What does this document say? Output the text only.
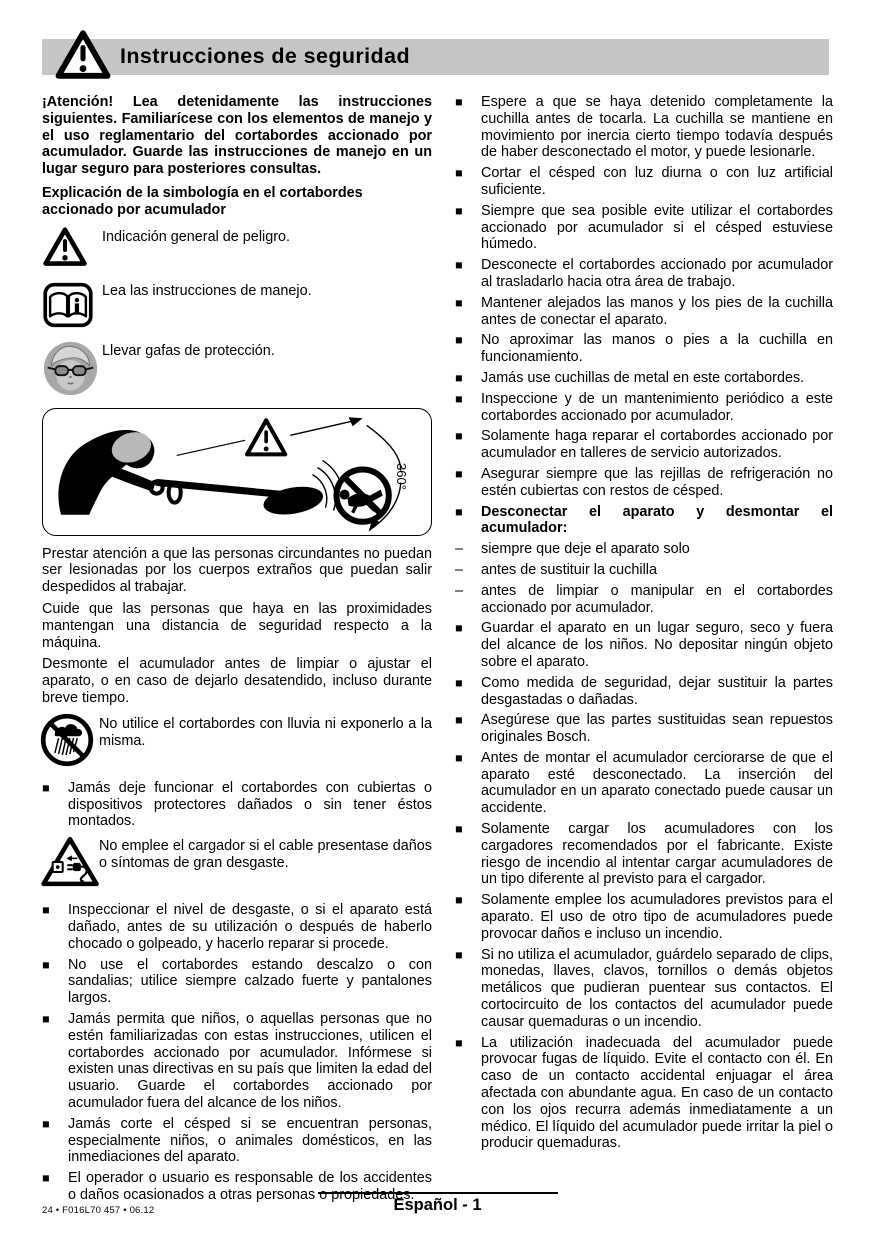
Instrucciones de seguridad

¡Atención! Lea detenidamente las instrucciones siguientes. Familiarícese con los elementos de manejo y el uso reglamentario del cortabordes accionado por acumulador. Guarde las instrucciones de manejo en un lugar seguro para posteriores consultas.

Explicación de la simbología en el cortabordes accionado por acumulador

Indicación general de peligro.
Lea las instrucciones de manejo.
Llevar gafas de protección.
360°

Prestar atención a que las personas circundantes no puedan ser lesionadas por los cuerpos extraños que puedan salir despedidos al trabajar.

Cuide que las personas que haya en las proximidades mantengan una distancia de seguridad respecto a la máquina.

Desmonte el acumulador antes de limpiar o ajustar el aparato, o en caso de dejarlo desatendido, incluso durante breve tiempo.

No utilice el cortabordes con lluvia ni exponerlo a la misma.

■	Jamás deje funcionar el cortabordes con cubiertas o dispositivos protectores dañados o sin tener éstos montados.

No emplee el cargador si el cable presentase daños o síntomas de gran desgaste.

■	Inspeccionar el nivel de desgaste, o si el aparato está dañado, antes de su utilización o después de haberlo chocado o golpeado, y hacerlo reparar si procede.
■	No use el cortabordes estando descalzo o con sandalias; utilice siempre calzado fuerte y pantalones largos.
■	Jamás permita que niños, o aquellas personas que no estén familiarizadas con estas instrucciones, utilicen el cortabordes accionado por acumulador. Infórmese si existen unas directivas en su país que limiten la edad del usuario. Guarde el cortabordes accionado por acumulador fuera del alcance de los niños.
■	Jamás corte el césped si se encuentran personas, especialmente niños, o animales domésticos, en las inmediaciones del aparato.
■	El operador o usuario es responsable de los accidentes o daños ocasionados a otras personas o propiedades.
■	Espere a que se haya detenido completamente la cuchilla antes de tocarla. La cuchilla se mantiene en movimiento por inercia cierto tiempo todavía después de haber desconectado el motor, y puede lesionarle.
■	Cortar el césped con luz diurna o con luz artificial suficiente.
■	Siempre que sea posible evite utilizar el cortabordes accionado por acumulador si el césped estuviese húmedo.
■	Desconecte el cortabordes accionado por acumulador al trasladarlo hacia otra área de trabajo.
■	Mantener alejados las manos y los pies de la cuchilla antes de conectar el aparato.
■	No aproximar las manos o pies a la cuchilla en funcionamiento.
■	Jamás use cuchillas de metal en este cortabordes.
■	Inspeccione y de un mantenimiento periódico a este cortabordes accionado por acumulador.
■	Solamente haga reparar el cortabordes accionado por acumulador en talleres de servicio autorizados.
■	Asegurar siempre que las rejillas de refrigeración no estén cubiertas con restos de césped.
■	Desconectar el aparato y desmontar el acumulador:
–	siempre que deje el aparato solo
–	antes de sustituir la cuchilla
–	antes de limpiar o manipular en el cortabordes accionado por acumulador.
■	Guardar el aparato en un lugar seguro, seco y fuera del alcance de los niños. No depositar ningún objeto sobre el aparato.
■	Como medida de seguridad, dejar sustituir la partes desgastadas o dañadas.
■	Asegúrese que las partes sustituidas sean repuestos originales Bosch.
■	Antes de montar el acumulador cerciorarse de que el aparato esté desconectado. La inserción del acumulador en un aparato conectado puede causar un accidente.
■	Solamente cargar los acumuladores con los cargadores recomendados por el fabricante. Existe riesgo de incendio al intentar cargar acumuladores de un tipo diferente al previsto para el cargador.
■	Solamente emplee los acumuladores previstos para el aparato. El uso de otro tipo de acumuladores puede provocar daños e incluso un incendio.
■	Si no utiliza el acumulador, guárdelo separado de clips, monedas, llaves, clavos, tornillos o demás objetos metálicos que pudieran puentear sus contactos. El cortocircuito de los contactos del acumulador puede causar quemaduras o un incendio.
■	La utilización inadecuada del acumulador puede provocar fugas de líquido. Evite el contacto con él. En caso de un contacto accidental enjuagar el área afectada con abundante agua. En caso de un contacto con los ojos recurra además inmediatamente a un médico. El líquido del acumulador puede irritar la piel o producir quemaduras.
Español - 1
24 • F016L70 457 • 06.12
